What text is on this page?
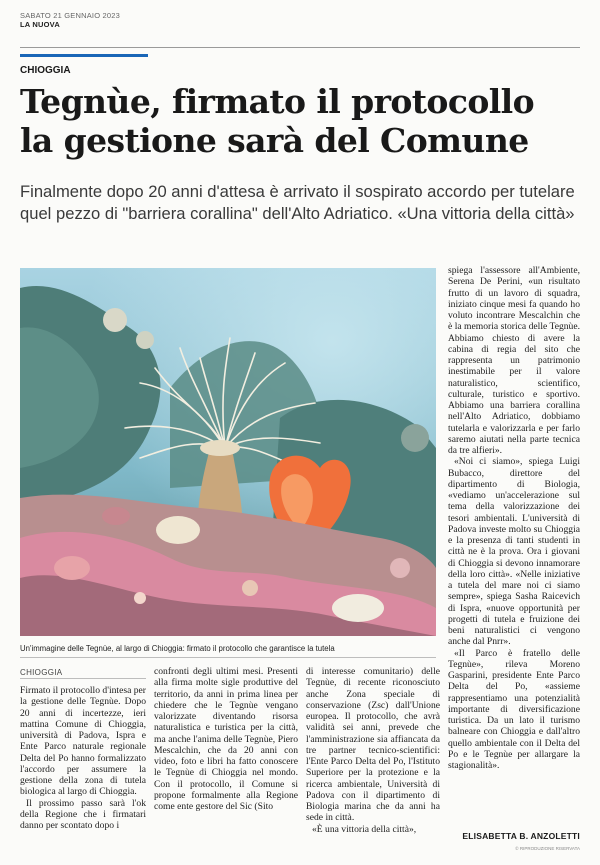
SABATO 21 GENNAIO 2023
LA NUOVA
CHIOGGIA
Tegnùe, firmato il protocollo
la gestione sarà del Comune

Finalmente dopo 20 anni d'attesa è arrivato il sospirato accordo per tutelare
quel pezzo di "barriera corallina" dell'Alto Adriatico. «Una vittoria della città»

Un'immagine delle Tegnùe, al largo di Chioggia: firmato il protocollo che garantisce la tutela
CHIOGGIA

Firmato il protocollo d'intesa per la gestione delle Tegnùe. Dopo 20 anni di incertezze, ieri mattina Comune di Chioggia, università di Padova, Ispra e Ente Parco naturale regionale Delta del Po hanno formalizzato l'accordo per assumere la gestione della zona di tutela biologica al largo di Chioggia.

Il prossimo passo sarà l'ok della Regione che i firmatari danno per scontato dopo i

confronti degli ultimi mesi. Presenti alla firma molte sigle produttive del territorio, da anni in prima linea per chiedere che le Tegnùe vengano valorizzate diventando risorsa naturalistica e turistica per la città, ma anche l'anima delle Tegnùe, Piero Mescalchin, che da 20 anni con video, foto e libri ha fatto conoscere le Tegnùe di Chioggia nel mondo. Con il protocollo, il Comune si propone formalmente alla Regione come ente gestore del Sic (Sito

di interesse comunitario) delle Tegnùe, di recente riconosciuto anche Zona speciale di conservazione (Zsc) dall'Unione europea. Il protocollo, che avrà validità sei anni, prevede che l'amministrazione sia affiancata da tre partner tecnico-scientifici: l'Ente Parco Delta del Po, l'Istituto Superiore per la protezione e la ricerca ambientale, Università di Padova con il dipartimento di Biologia marina che da anni ha sede in città.

«È una vittoria della città»,

spiega l'assessore all'Ambiente, Serena De Perini, «un risultato frutto di un lavoro di squadra, iniziato cinque mesi fa quando ho voluto incontrare Mescalchin che è la memoria storica delle Tegnùe. Abbiamo chiesto di avere la cabina di regia del sito che rappresenta un patrimonio inestimabile per il valore naturalistico, scientifico, culturale, turistico e sportivo. Abbiamo una barriera corallina nell'Alto Adriatico, dobbiamo tutelarla e valorizzarla e per farlo saremo aiutati nella parte tecnica da tre alfieri».

«Noi ci siamo», spiega Luigi Bubacco, direttore del dipartimento di Biologia, «vediamo un'accelerazione sul tema della valorizzazione dei tesori ambientali. L'università di Padova investe molto su Chioggia e la presenza di tanti studenti in città ne è la prova. Ora i giovani di Chioggia si devono innamorare della loro città». «Nelle iniziative a tutela del mare noi ci siamo sempre», spiega Sasha Raicevich di Ispra, «nuove opportunità per progetti di tutela e fruizione dei beni naturalistici ci vengono anche dal Pnrr».

«Il Parco è fratello delle Tegnùe», rileva Moreno Gasparini, presidente Ente Parco Delta del Po, «assieme rappresentiamo una potenzialità importante di diversificazione turistica. Da un lato il turismo balneare con Chioggia e dall'altro quello ambientale con il Delta del Po e le Tegnùe per allargare la stagionalità».

ELISABETTA B. ANZOLETTI
© RIPRODUZIONE RISERVATA
